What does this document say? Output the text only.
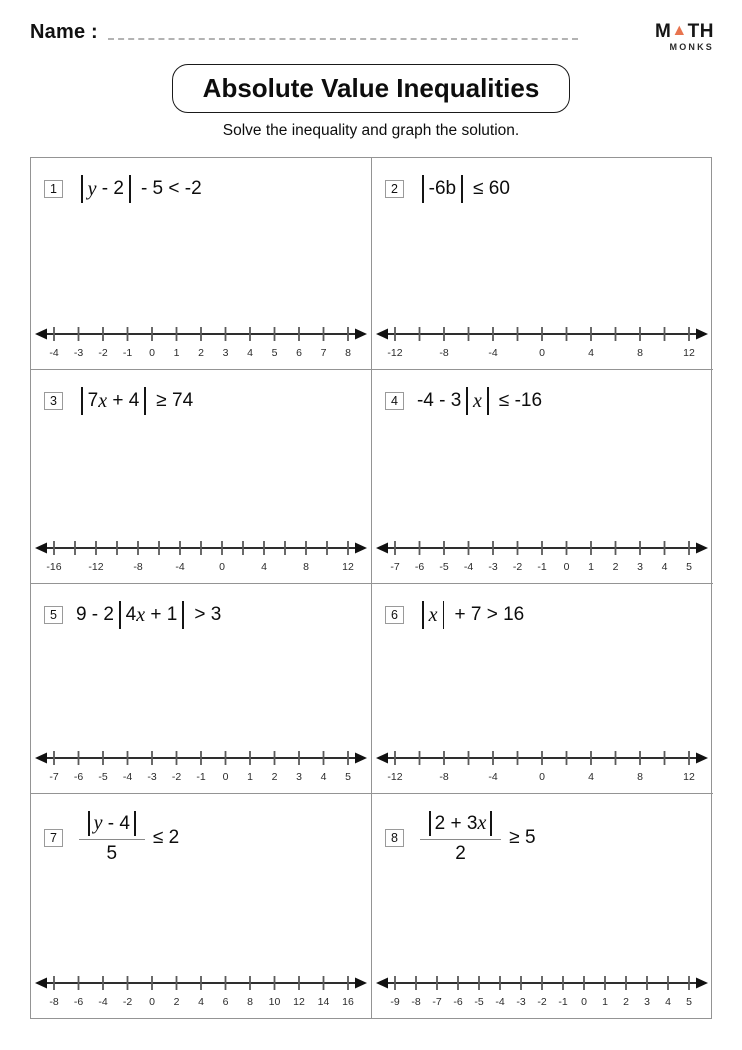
Name :	M ▲ TH
MONKS
Absolute Value Inequalities
Solve the inequality and graph the solution.
1	y - 2 - 5 < -2
-4 -3 -2 -1 0 1 2 3 4 5 6 7 8
2	-6b ≤ 60
-12	-8	-4	0	4	8	12
3	7 x + 4 ≥ 74
-16	-12	-8	-4	0	4	8	12
4	-4 - 3 x ≤ -16
-7 -6 -5 -4 -3 -2 -1 0 1 2 3 4 5
5	9 - 2 4 x + 1 > 3
-7 -6 -5 -4 -3 -2 -1 0 1 2 3 4 5
6	x + 7 > 16
-12	-8	-4	0	4	8	12
7	$\frac{y - 4}{5} \le 2$
-8 -6 -4 -2 0 2 4 6 8 10 12 14 16
8	$\frac{2 + 3 x}{2} \ge 5$
-9 -8 -7 -6 -5 -4 -3 -2 -1 0 1 2 3 4 5
